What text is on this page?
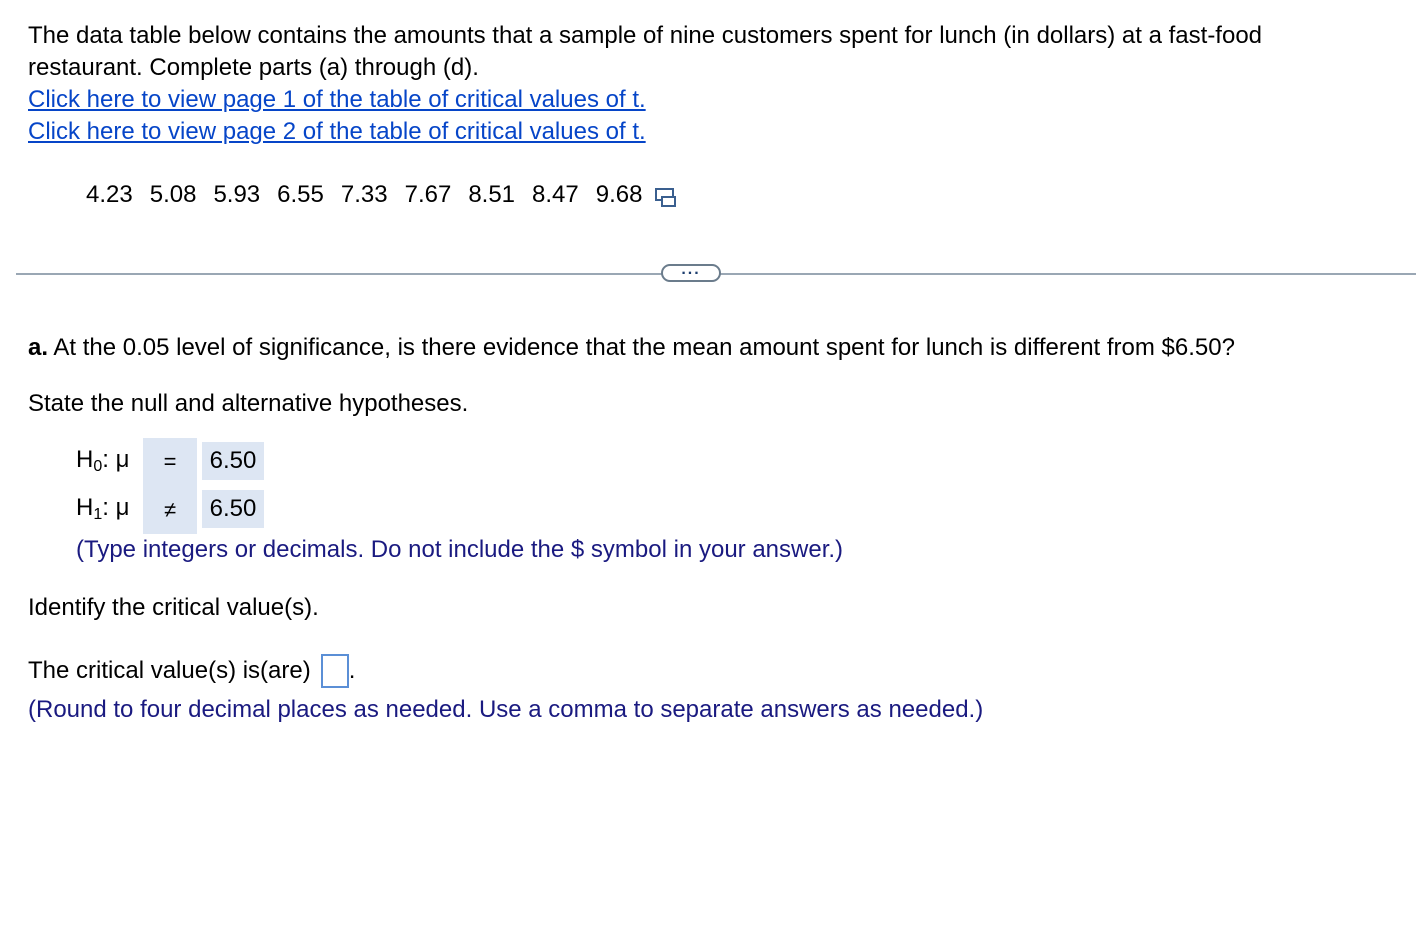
The data table below contains the amounts that a sample of nine customers spent for lunch (in dollars) at a fast-food

restaurant. Complete parts (a) through (d).

Click here to view page 1 of the table of critical values of t.
Click here to view page 2 of the table of critical values of t.
4.23 5.08 5.93 6.55 7.33 7.67 8.51 8.47 9.68
...
a. At the 0.05 level of significance, is there evidence that the mean amount spent for lunch is different from $6.50?
State the null and alternative hypotheses.
$H_0$: μ	=	6.50
$H_1$: μ	≠	6.50
(Type integers or decimals. Do not include the $ symbol in your answer.)
Identify the critical value(s).
The critical value(s) is(are) .
(Round to four decimal places as needed. Use a comma to separate answers as needed.)
